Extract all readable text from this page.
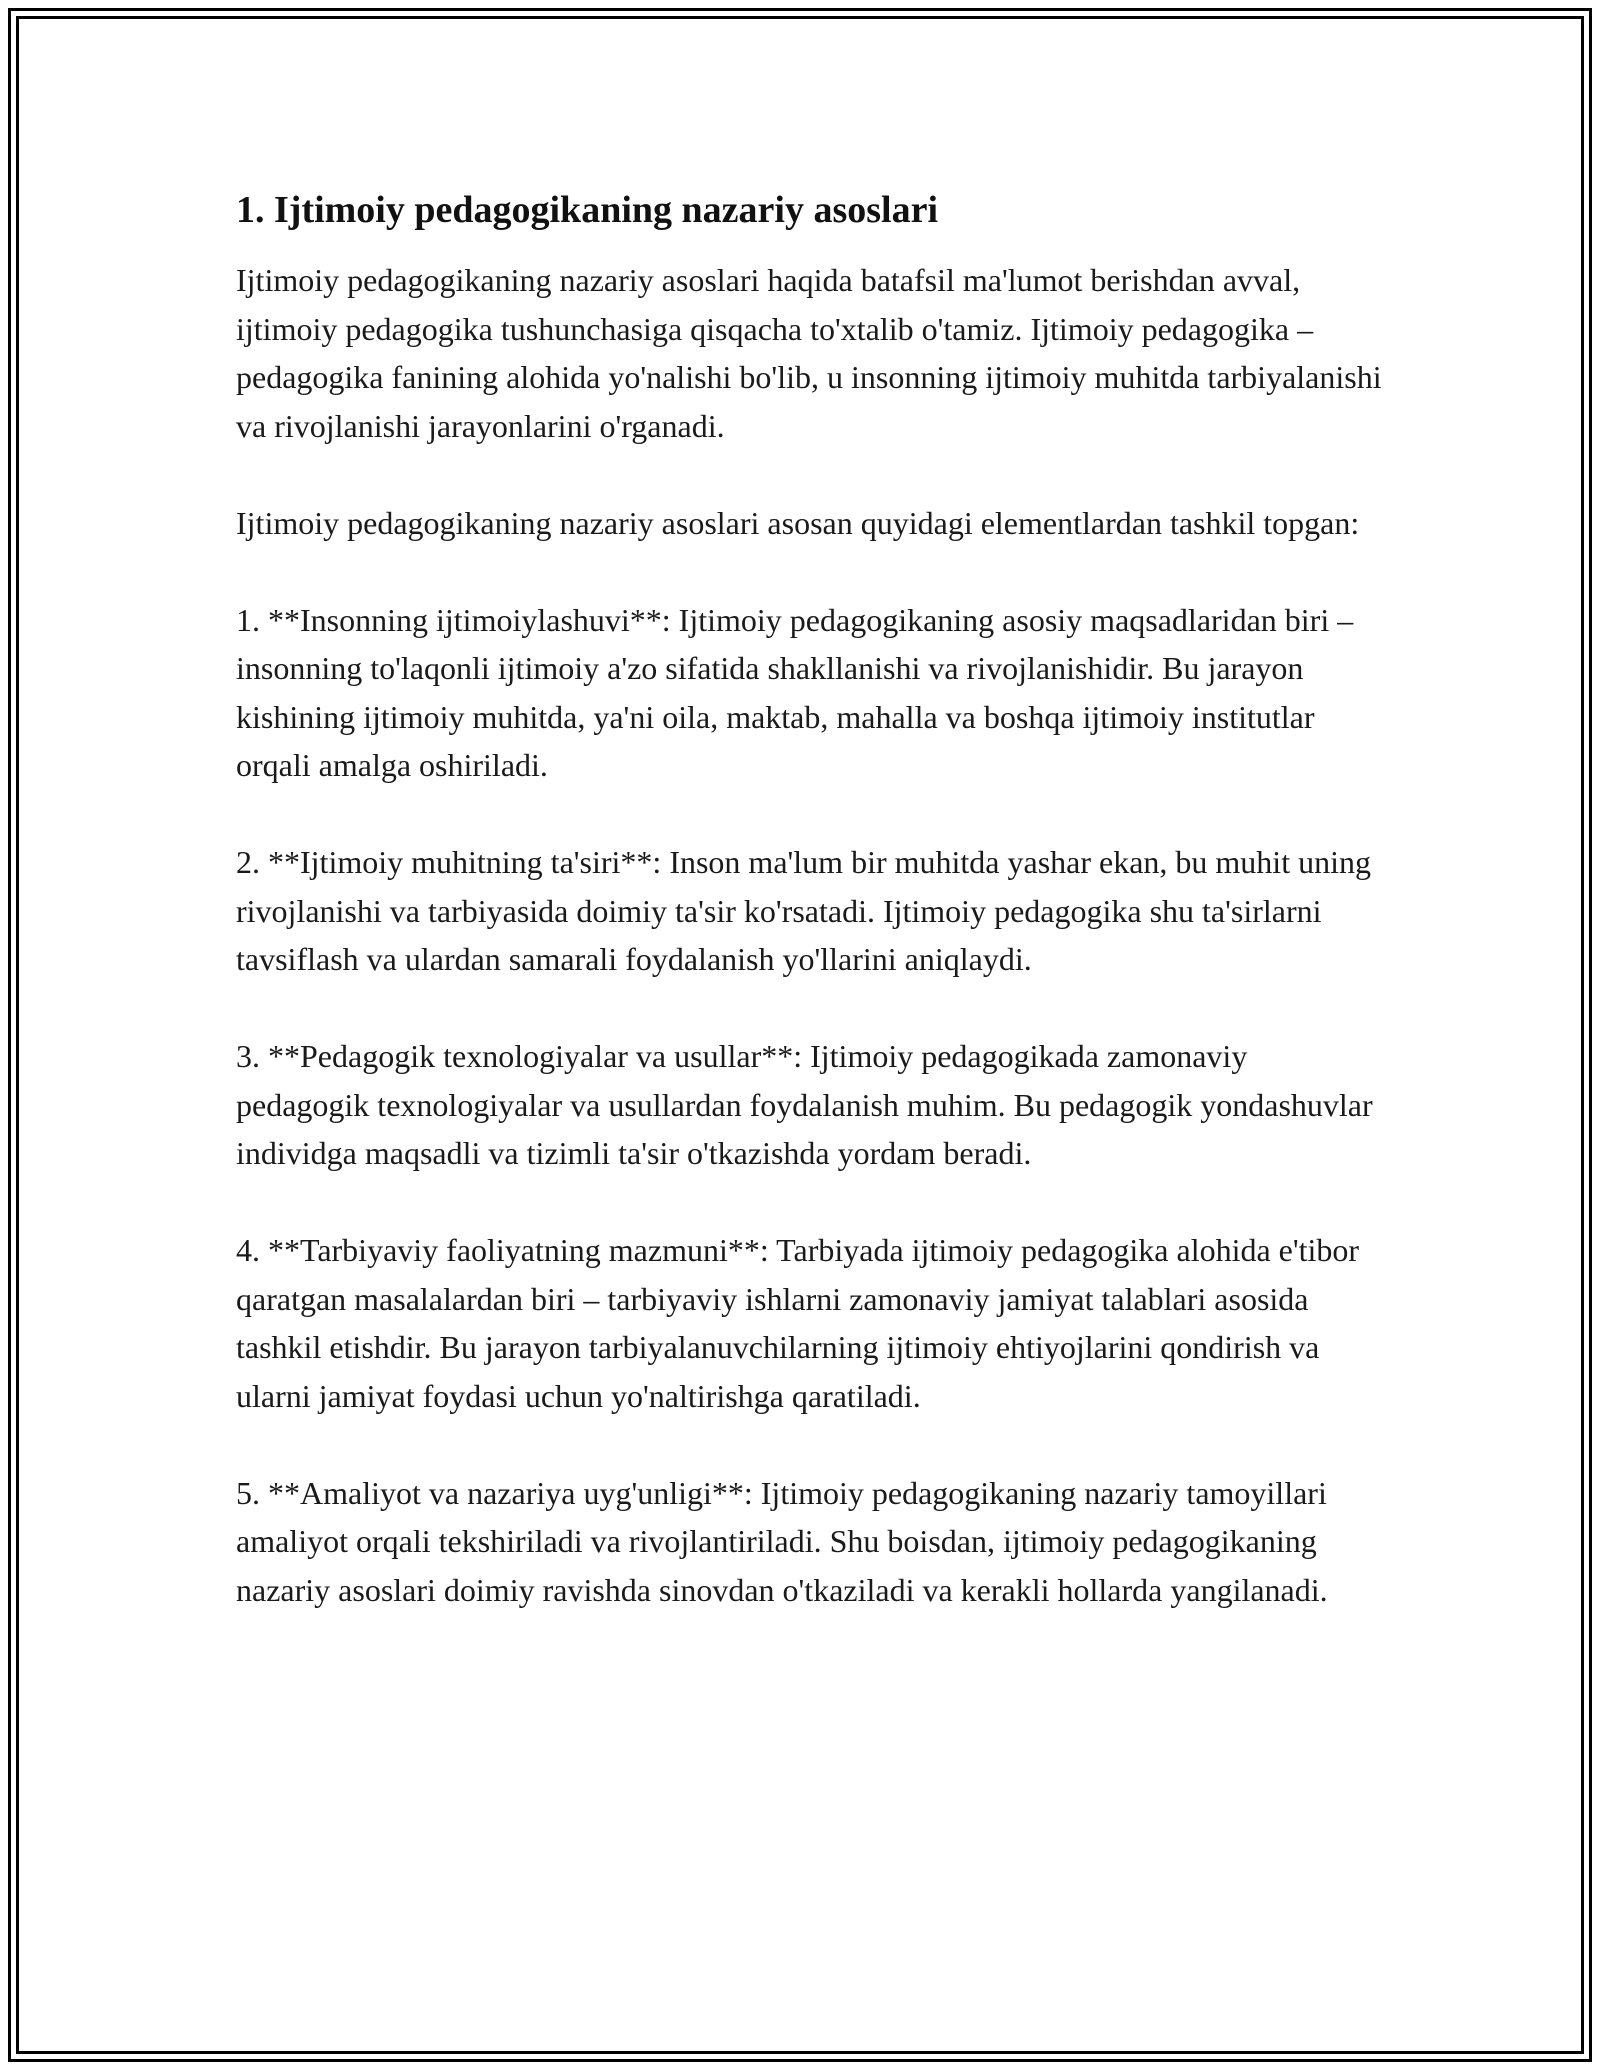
1. Ijtimoiy pedagogikaning nazariy asoslari

Ijtimoiy pedagogikaning nazariy asoslari haqida batafsil ma'lumot berishdan avval, ijtimoiy pedagogika tushunchasiga qisqacha to'xtalib o'tamiz. Ijtimoiy pedagogika – pedagogika fanining alohida yo'nalishi bo'lib, u insonning ijtimoiy muhitda tarbiyalanishi va rivojlanishi jarayonlarini o'rganadi.

Ijtimoiy pedagogikaning nazariy asoslari asosan quyidagi elementlardan tashkil topgan:

1. **Insonning ijtimoiylashuvi**: Ijtimoiy pedagogikaning asosiy maqsadlaridan biri – insonning to'laqonli ijtimoiy a'zo sifatida shakllanishi va rivojlanishidir. Bu jarayon kishining ijtimoiy muhitda, ya'ni oila, maktab, mahalla va boshqa ijtimoiy institutlar orqali amalga oshiriladi.

2. **Ijtimoiy muhitning ta'siri**: Inson ma'lum bir muhitda yashar ekan, bu muhit uning rivojlanishi va tarbiyasida doimiy ta'sir ko'rsatadi. Ijtimoiy pedagogika shu ta'sirlarni tavsiflash va ulardan samarali foydalanish yo'llarini aniqlaydi.

3. **Pedagogik texnologiyalar va usullar**: Ijtimoiy pedagogikada zamonaviy pedagogik texnologiyalar va usullardan foydalanish muhim. Bu pedagogik yondashuvlar individga maqsadli va tizimli ta'sir o'tkazishda yordam beradi.

4. **Tarbiyaviy faoliyatning mazmuni**: Tarbiyada ijtimoiy pedagogika alohida e'tibor qaratgan masalalardan biri – tarbiyaviy ishlarni zamonaviy jamiyat talablari asosida tashkil etishdir. Bu jarayon tarbiyalanuvchilarning ijtimoiy ehtiyojlarini qondirish va ularni jamiyat foydasi uchun yo'naltirishga qaratiladi.

5. **Amaliyot va nazariya uyg'unligi**: Ijtimoiy pedagogikaning nazariy tamoyillari amaliyot orqali tekshiriladi va rivojlantiriladi. Shu boisdan, ijtimoiy pedagogikaning nazariy asoslari doimiy ravishda sinovdan o'tkaziladi va kerakli hollarda yangilanadi.
